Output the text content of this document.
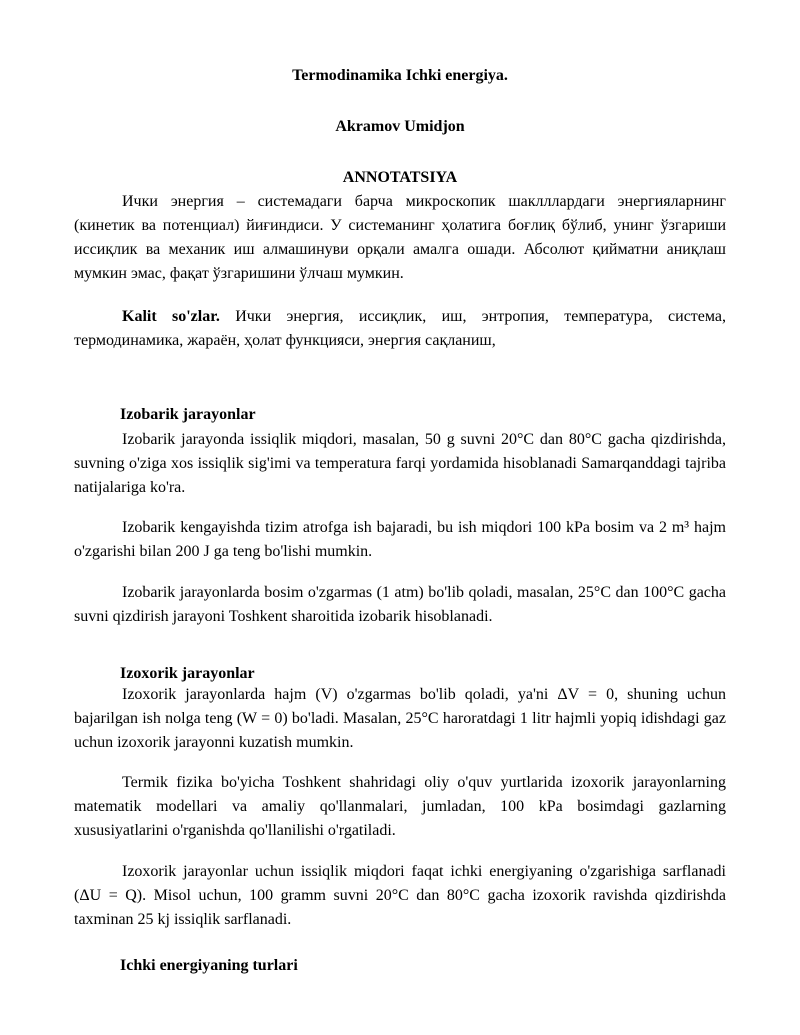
Termodinamika Ichki energiya.
Akramov Umidjon
ANNOTATSIYA

Ички энергия – системадаги барча микроскопик шаклллардаги энергияларнинг (кинетик ва потенциал) йиғиндиси. У системанинг ҳолатига боғлиқ бўлиб, унинг ўзгариши иссиқлик ва механик иш алмашинуви орқали амалга ошади. Абсолют қийматни аниқлаш мумкин эмас, фақат ўзгаришини ўлчаш мумкин.

Kalit so'zlar. Ички энергия, иссиқлик, иш, энтропия, температура, система, термодинамика, жараён, ҳолат функцияси, энергия сақланиш,

Izobarik jarayonlar

Izobarik jarayonda issiqlik miqdori, masalan, 50 g suvni 20°C dan 80°C gacha qizdirishda, suvning o'ziga xos issiqlik sig'imi va temperatura farqi yordamida hisoblanadi Samarqanddagi tajriba natijalariga ko'ra.

Izobarik kengayishda tizim atrofga ish bajaradi, bu ish miqdori 100 kPa bosim va 2 m³ hajm o'zgarishi bilan 200 J ga teng bo'lishi mumkin.

Izobarik jarayonlarda bosim o'zgarmas (1 atm) bo'lib qoladi, masalan, 25°C dan 100°C gacha suvni qizdirish jarayoni Toshkent sharoitida izobarik hisoblanadi.

Izoxorik jarayonlar

Izoxorik jarayonlarda hajm (V) o'zgarmas bo'lib qoladi, ya'ni ΔV = 0, shuning uchun bajarilgan ish nolga teng (W = 0) bo'ladi. Masalan, 25°C haroratdagi 1 litr hajmli yopiq idishdagi gaz uchun izoxorik jarayonni kuzatish mumkin.

Termik fizika bo'yicha Toshkent shahridagi oliy o'quv yurtlarida izoxorik jarayonlarning matematik modellari va amaliy qo'llanmalari, jumladan, 100 kPa bosimdagi gazlarning xususiyatlarini o'rganishda qo'llanilishi o'rgatiladi.

Izoxorik jarayonlar uchun issiqlik miqdori faqat ichki energiyaning o'zgarishiga sarflanadi (ΔU = Q). Misol uchun, 100 gramm suvni 20°C dan 80°C gacha izoxorik ravishda qizdirishda taxminan 25 kj issiqlik sarflanadi.

Ichki energiyaning turlari
